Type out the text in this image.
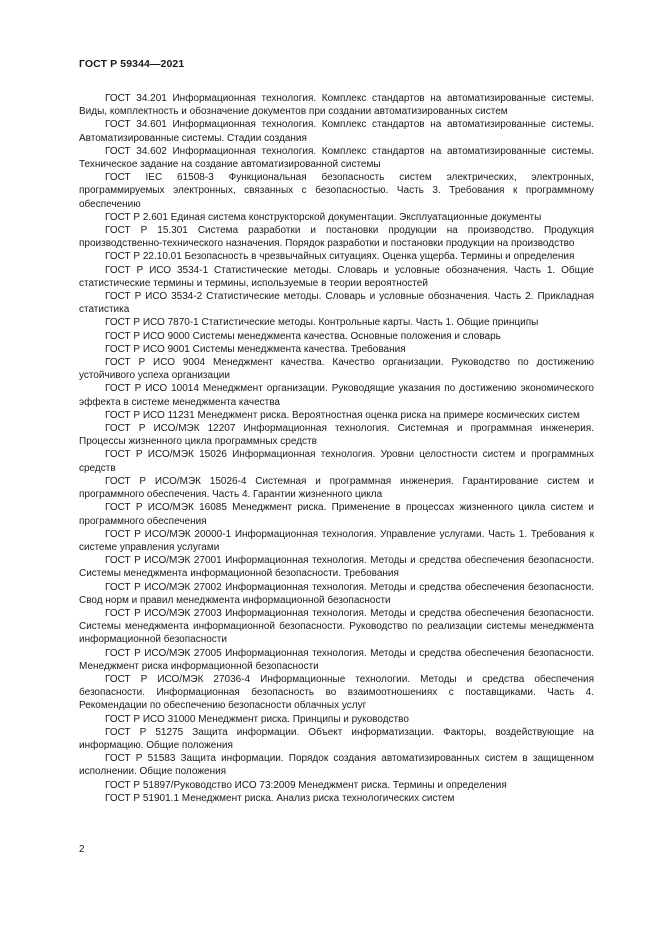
ГОСТ Р 59344—2021
ГОСТ 34.201 Информационная технология. Комплекс стандартов на автоматизированные системы. Виды, комплектность и обозначение документов при создании автоматизированных систем
ГОСТ 34.601 Информационная технология. Комплекс стандартов на автоматизированные системы. Автоматизированные системы. Стадии создания
ГОСТ 34.602 Информационная технология. Комплекс стандартов на автоматизированные системы. Техническое задание на создание автоматизированной системы
ГОСТ IEC 61508-3 Функциональная безопасность систем электрических, электронных, программируемых электронных, связанных с безопасностью. Часть 3. Требования к программному обеспечению
ГОСТ Р 2.601 Единая система конструкторской документации. Эксплуатационные документы
ГОСТ Р 15.301 Система разработки и постановки продукции на производство. Продукция производственно-технического назначения. Порядок разработки и постановки продукции на производство
ГОСТ Р 22.10.01 Безопасность в чрезвычайных ситуациях. Оценка ущерба. Термины и определения
ГОСТ Р ИСО 3534-1 Статистические методы. Словарь и условные обозначения. Часть 1. Общие статистические термины и термины, используемые в теории вероятностей
ГОСТ Р ИСО 3534-2 Статистические методы. Словарь и условные обозначения. Часть 2. Прикладная статистика
ГОСТ Р ИСО 7870-1 Статистические методы. Контрольные карты. Часть 1. Общие принципы
ГОСТ Р ИСО 9000 Системы менеджмента качества. Основные положения и словарь
ГОСТ Р ИСО 9001 Системы менеджмента качества. Требования
ГОСТ Р ИСО 9004 Менеджмент качества. Качество организации. Руководство по достижению устойчивого успеха организации
ГОСТ Р ИСО 10014 Менеджмент организации. Руководящие указания по достижению экономического эффекта в системе менеджмента качества
ГОСТ Р ИСО 11231 Менеджмент риска. Вероятностная оценка риска на примере космических систем
ГОСТ Р ИСО/МЭК 12207 Информационная технология. Системная и программная инженерия. Процессы жизненного цикла программных средств
ГОСТ Р ИСО/МЭК 15026 Информационная технология. Уровни целостности систем и программных средств
ГОСТ Р ИСО/МЭК 15026-4 Системная и программная инженерия. Гарантирование систем и программного обеспечения. Часть 4. Гарантии жизненного цикла
ГОСТ Р ИСО/МЭК 16085 Менеджмент риска. Применение в процессах жизненного цикла систем и программного обеспечения
ГОСТ Р ИСО/МЭК 20000-1 Информационная технология. Управление услугами. Часть 1. Требования к системе управления услугами
ГОСТ Р ИСО/МЭК 27001 Информационная технология. Методы и средства обеспечения безопасности. Системы менеджмента информационной безопасности. Требования
ГОСТ Р ИСО/МЭК 27002 Информационная технология. Методы и средства обеспечения безопасности. Свод норм и правил менеджмента информационной безопасности
ГОСТ Р ИСО/МЭК 27003 Информационная технология. Методы и средства обеспечения безопасности. Системы менеджмента информационной безопасности. Руководство по реализации системы менеджмента информационной безопасности
ГОСТ Р ИСО/МЭК 27005 Информационная технология. Методы и средства обеспечения безопасности. Менеджмент риска информационной безопасности
ГОСТ Р ИСО/МЭК 27036-4 Информационные технологии. Методы и средства обеспечения безопасности. Информационная безопасность во взаимоотношениях с поставщиками. Часть 4. Рекомендации по обеспечению безопасности облачных услуг
ГОСТ Р ИСО 31000 Менеджмент риска. Принципы и руководство
ГОСТ Р 51275 Защита информации. Объект информатизации. Факторы, воздействующие на информацию. Общие положения
ГОСТ Р 51583 Защита информации. Порядок создания автоматизированных систем в защищенном исполнении. Общие положения
ГОСТ Р 51897/Руководство ИСО 73:2009 Менеджмент риска. Термины и определения
ГОСТ Р 51901.1 Менеджмент риска. Анализ риска технологических систем
2
